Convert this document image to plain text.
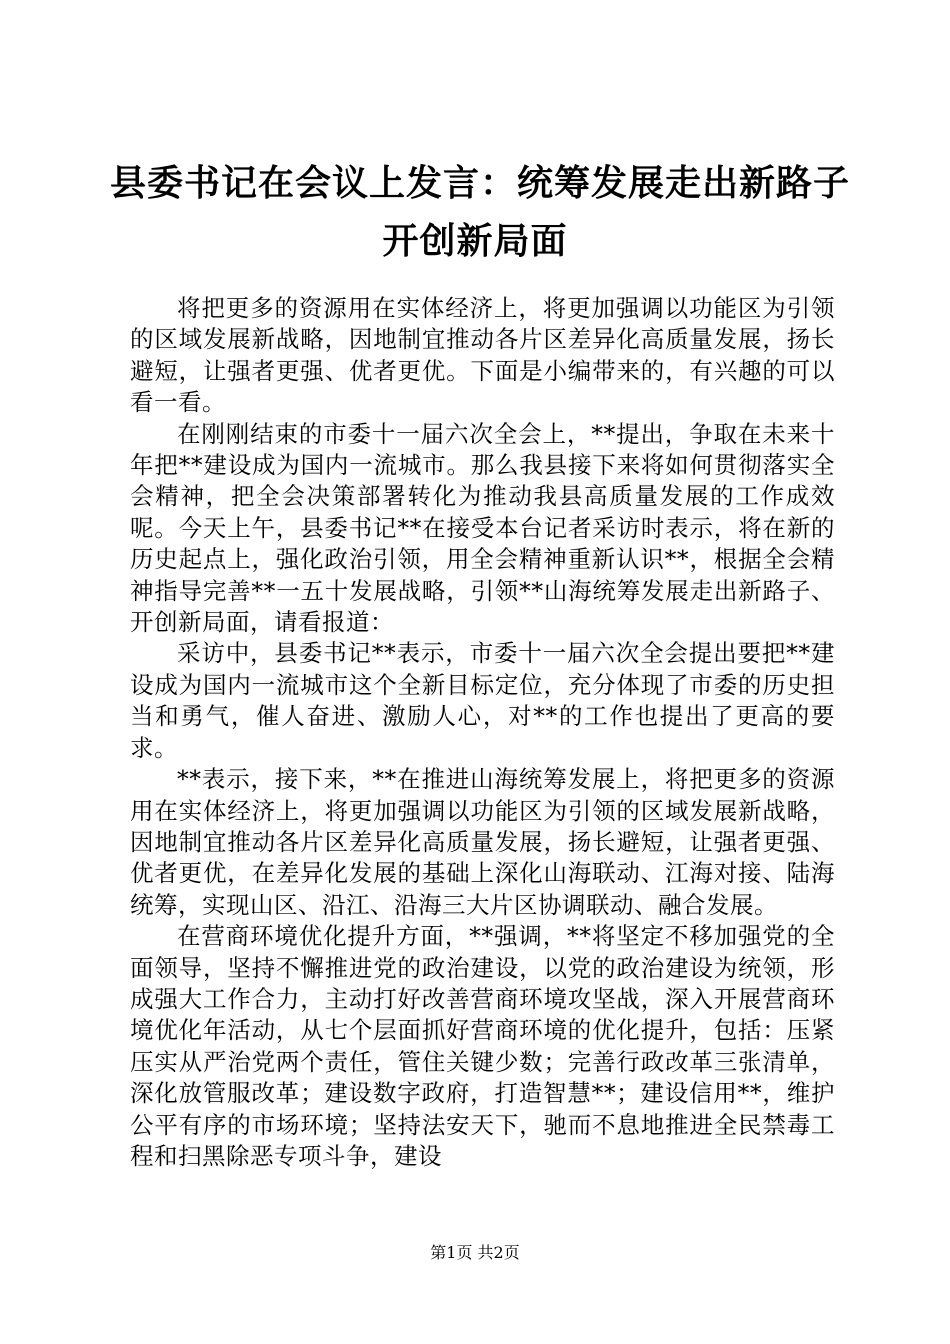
县委书记在会议上发言：统筹发展走出新路子
开创新局面

将把更多的资源用在实体经济上，将更加强调以功能区为引领的区域发展新战略，因地制宜推动各片区差异化高质量发展，扬长避短，让强者更强、优者更优。下面是小编带来的，有兴趣的可以看一看。

在刚刚结束的市委十一届六次全会上，**提出，争取在未来十年把**建设成为国内一流城市。那么我县接下来将如何贯彻落实全会精神，把全会决策部署转化为推动我县高质量发展的工作成效呢。今天上午，县委书记**在接受本台记者采访时表示，将在新的历史起点上，强化政治引领，用全会精神重新认识**，根据全会精神指导完善**一五十发展战略，引领**山海统筹发展走出新路子、开创新局面，请看报道：

采访中，县委书记**表示，市委十一届六次全会提出要把**建设成为国内一流城市这个全新目标定位，充分体现了市委的历史担当和勇气，催人奋进、激励人心，对**的工作也提出了更高的要求。

**表示，接下来，**在推进山海统筹发展上，将把更多的资源用在实体经济上，将更加强调以功能区为引领的区域发展新战略，因地制宜推动各片区差异化高质量发展，扬长避短，让强者更强、优者更优，在差异化发展的基础上深化山海联动、江海对接、陆海统筹，实现山区、沿江、沿海三大片区协调联动、融合发展。

在营商环境优化提升方面，**强调，**将坚定不移加强党的全面领导，坚持不懈推进党的政治建设，以党的政治建设为统领，形成强大工作合力，主动打好改善营商环境攻坚战，深入开展营商环境优化年活动，从七个层面抓好营商环境的优化提升，包括：压紧压实从严治党两个责任，管住关键少数；完善行政改革三张清单，深化放管服改革；建设数字政府，打造智慧**；建设信用**，维护公平有序的市场环境；坚持法安天下，驰而不息地推进全民禁毒工程和扫黑除恶专项斗争，建设

第1页 共2页
